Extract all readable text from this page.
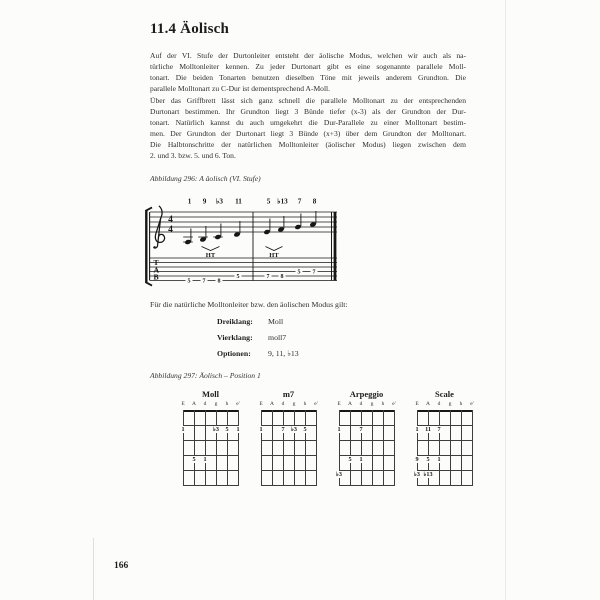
11.4 Äolisch
Auf der VI. Stufe der Durtonleiter entsteht der äolische Modus, welchen wir auch als na-
türliche Molltonleiter kennen. Zu jeder Durtonart gibt es eine sogenannte parallele Moll-
tonart. Die beiden Tonarten benutzen dieselben Töne mit jeweils anderem Grundton. Die
parallele Molltonart zu C-Dur ist dementsprechend A-Moll.
Über das Griffbrett lässt sich ganz schnell die parallele Molltonart zu der entsprechenden
Durtonart bestimmen. Ihr Grundton liegt 3 Bünde tiefer (x-3) als der Grundton der Dur-
tonart. Natürlich kannst du auch umgekehrt die Dur-Parallele zu einer Molltonart bestim-
men. Der Grundton der Durtonart liegt 3 Bünde (x+3) über dem Grundton der Molltonart.
Die Halbtonschritte der natürlichen Molltonleiter (äolischer Modus) liegen zwischen dem
2. und 3. bzw. 5. und 6. Ton.
Abbildung 296: A äolisch (VI. Stufe)
4
4
1 9 ♭3 11	5 ♭13 7 8
HT	HT
T
A
B
5 7 8
5	7 8
5 7
Für die natürliche Molltonleiter bzw. den äolischen Modus gilt:
Dreiklang:	Moll
Vierklang:	moll7
Optionen:	9, 11, ♭13
Abbildung 297: Äolisch – Position 1
Moll
E	A	d	g	h	e'
1	♭3	5	1
5	1
m7
E	A	d	g	h	e'
1	7	♭3	5
Arpeggio
E	A	d	g	h	e'
1	7
5	1
♭3
Scale
E	A	d	g	h	e'
1	11	7
9	5	1
♭3 ♭13
166
